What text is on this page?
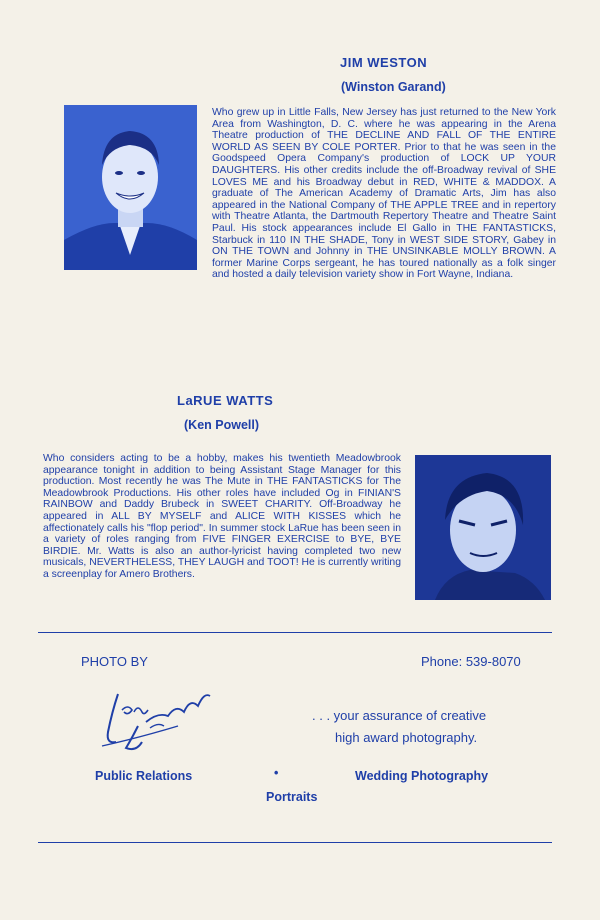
JIM WESTON
(Winston Garand)

Who grew up in Little Falls, New Jersey has just returned to the New York Area from Washington, D. C. where he was appearing in the Arena Theatre production of THE DECLINE AND FALL OF THE ENTIRE WORLD AS SEEN BY COLE PORTER. Prior to that he was seen in the Goodspeed Opera Company's production of LOCK UP YOUR DAUGHTERS. His other credits include the off-Broadway revival of SHE LOVES ME and his Broadway debut in RED, WHITE & MADDOX. A graduate of The American Academy of Dramatic Arts, Jim has also appeared in the National Company of THE APPLE TREE and in repertory with Theatre Atlanta, the Dartmouth Repertory Theatre and Theatre Saint Paul. His stock appearances include El Gallo in THE FANTASTICKS, Starbuck in 110 IN THE SHADE, Tony in WEST SIDE STORY, Gabey in ON THE TOWN and Johnny in THE UNSINKABLE MOLLY BROWN. A former Marine Corps sergeant, he has toured nationally as a folk singer and hosted a daily television variety show in Fort Wayne, Indiana.

LaRUE WATTS
(Ken Powell)

Who considers acting to be a hobby, makes his twentieth Meadowbrook appearance tonight in addition to being Assistant Stage Manager for this production. Most recently he was The Mute in THE FANTASTICKS for The Meadowbrook Productions. His other roles have included Og in FINIAN'S RAINBOW and Daddy Brubeck in SWEET CHARITY. Off-Broadway he appeared in ALL BY MYSELF and ALICE WITH KISSES which he affectionately calls his "flop period". In summer stock LaRue has been seen in a variety of roles ranging from FIVE FINGER EXERCISE to BYE, BYE BIRDIE. Mr. Watts is also an author-lyricist having completed two new musicals, NEVERTHELESS, THEY LAUGH and TOOT! He is currently writing a screenplay for Amero Brothers.

PHOTO BY	Phone: 539-8070
. . . your assurance of creative
high award photography.
Public Relations	•	Wedding Photography
Portraits
